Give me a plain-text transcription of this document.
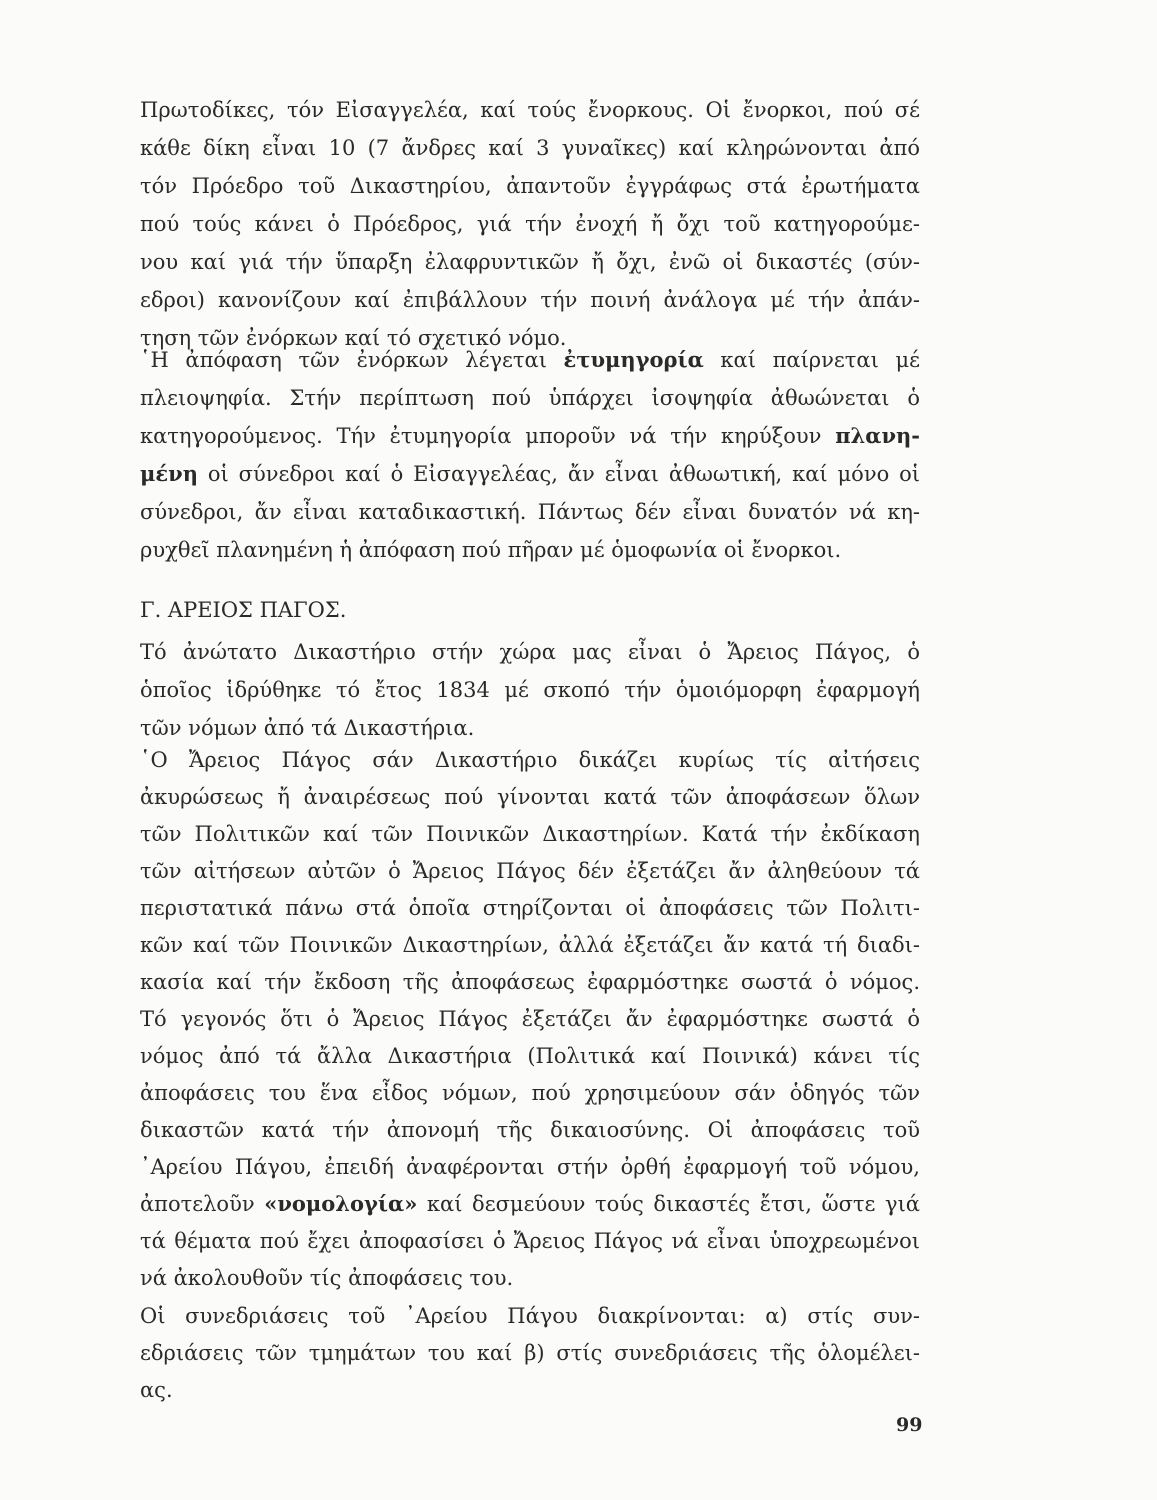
Πρωτοδίκες, τόν Εἰσαγγελέα, καί τούς ἔνορκους. Οἱ ἔνορκοι, πού σέ
κάθε δίκη εἶναι 10 (7 ἄνδρες καί 3 γυναῖκες) καί κληρώνονται ἀπό
τόν Πρόεδρο τοῦ Δικαστηρίου, ἀπαντοῦν ἐγγράφως στά ἐρωτήματα
πού τούς κάνει ὁ Πρόεδρος, γιά τήν ἐνοχή ἤ ὄχι τοῦ κατηγορούμε-
νου καί γιά τήν ὕπαρξη ἐλαφρυντικῶν ἤ ὄχι, ἐνῶ οἱ δικαστές (σύν-
εδροι) κανονίζουν καί ἐπιβάλλουν τήν ποινή ἀνάλογα μέ τήν ἀπάν-
τηση τῶν ἐνόρκων καί τό σχετικό νόμο.
῾Η ἀπόφαση τῶν ἐνόρκων λέγεται ἐτυμηγορία καί παίρνεται μέ
πλειοψηφία. Στήν περίπτωση πού ὑπάρχει ἰσοψηφία ἀθωώνεται ὁ
κατηγορούμενος. Τήν ἐτυμηγορία μποροῦν νά τήν κηρύξουν πλανη-
μένη οἱ σύνεδροι καί ὁ Εἰσαγγελέας, ἄν εἶναι ἀθωωτική, καί μόνο οἱ
σύνεδροι, ἄν εἶναι καταδικαστική. Πάντως δέν εἶναι δυνατόν νά κη-
ρυχθεῖ πλανημένη ἡ ἀπόφαση πού πῆραν μέ ὁμοφωνία οἱ ἔνορκοι.
Γ. ΑΡΕΙΟΣ ΠΑΓΟΣ.
Τό ἀνώτατο Δικαστήριο στήν χώρα μας εἶναι ὁ Ἄρειος Πάγος, ὁ
ὁποῖος ἱδρύθηκε τό ἔτος 1834 μέ σκοπό τήν ὁμοιόμορφη ἐφαρμογή
τῶν νόμων ἀπό τά Δικαστήρια.
῾Ο Ἄρειος Πάγος σάν Δικαστήριο δικάζει κυρίως τίς αἰτήσεις
ἀκυρώσεως ἤ ἀναιρέσεως πού γίνονται κατά τῶν ἀποφάσεων ὅλων
τῶν Πολιτικῶν καί τῶν Ποινικῶν Δικαστηρίων. Κατά τήν ἐκδίκαση
τῶν αἰτήσεων αὐτῶν ὁ Ἄρειος Πάγος δέν ἐξετάζει ἄν ἀληθεύουν τά
περιστατικά πάνω στά ὁποῖα στηρίζονται οἱ ἀποφάσεις τῶν Πολιτι-
κῶν καί τῶν Ποινικῶν Δικαστηρίων, ἀλλά ἐξετάζει ἄν κατά τή διαδι-
κασία καί τήν ἔκδοση τῆς ἀποφάσεως ἐφαρμόστηκε σωστά ὁ νόμος.
Τό γεγονός ὅτι ὁ Ἄρειος Πάγος ἐξετάζει ἄν ἐφαρμόστηκε σωστά ὁ
νόμος ἀπό τά ἄλλα Δικαστήρια (Πολιτικά καί Ποινικά) κάνει τίς
ἀποφάσεις του ἕνα εἶδος νόμων, πού χρησιμεύουν σάν ὁδηγός τῶν
δικαστῶν κατά τήν ἀπονομή τῆς δικαιοσύνης. Οἱ ἀποφάσεις τοῦ
᾿Αρείου Πάγου, ἐπειδή ἀναφέρονται στήν ὀρθή ἐφαρμογή τοῦ νόμου,
ἀποτελοῦν «νομολογία» καί δεσμεύουν τούς δικαστές ἔτσι, ὥστε γιά
τά θέματα πού ἔχει ἀποφασίσει ὁ Ἄρειος Πάγος νά εἶναι ὑποχρεωμένοι
νά ἀκολουθοῦν τίς ἀποφάσεις του.
Οἱ συνεδριάσεις τοῦ ᾿Αρείου Πάγου διακρίνονται: α) στίς συν-
εδριάσεις τῶν τμημάτων του καί β) στίς συνεδριάσεις τῆς ὁλομέλει-
ας.
99
